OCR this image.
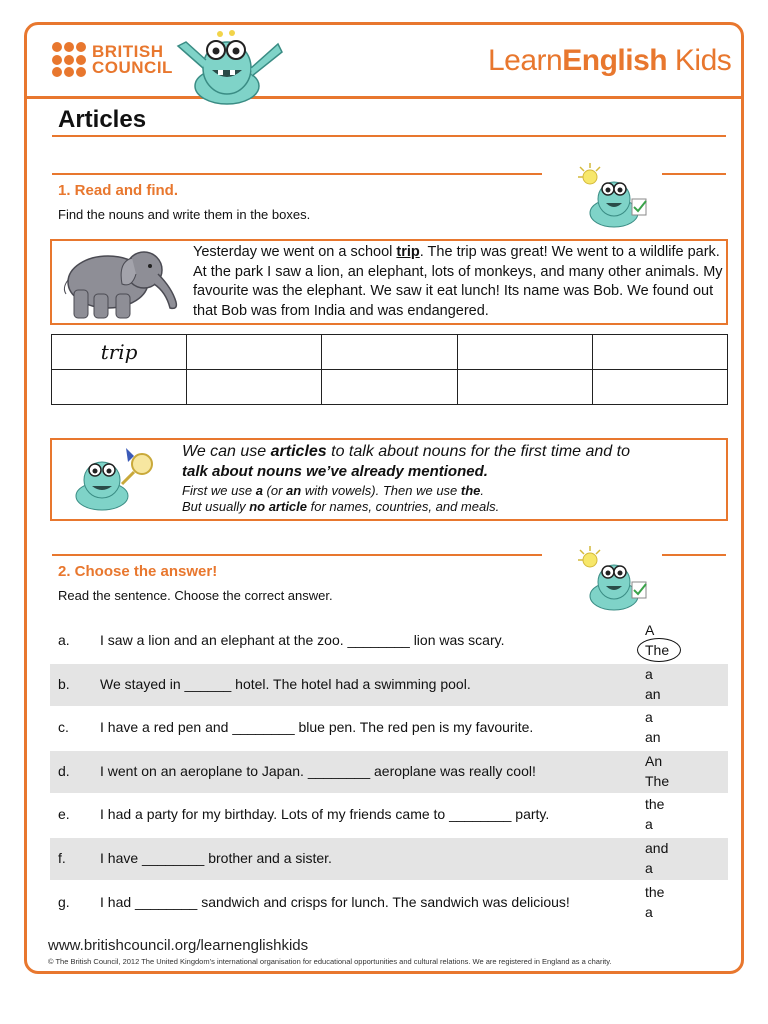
BRITISH
COUNCIL	LearnEnglish Kids
Articles
1. Read and find.
Find the nouns and write them in the boxes.
Yesterday we went on a school trip. The trip was great! We went to a wildlife park. At the park I saw a lion, an elephant, lots of monkeys, and many other animals. My favourite was the elephant. We saw it eat lunch! Its name was Bob. We found out that Bob was from India and was endangered.
trip				

We can use articles to talk about nouns for the first time and to
talk about nouns we’ve already mentioned.
First we use a (or an with vowels). Then we use the.
But usually no article for names, countries, and meals.
2. Choose the answer!
Read the sentence. Choose the correct answer.
a. I saw a lion and an elephant at the zoo. ________ lion was scary.
A
The
b. We stayed in ______ hotel. The hotel had a swimming pool.
a
an
c. I have a red pen and ________ blue pen. The red pen is my favourite.
a
an
d. I went on an aeroplane to Japan. ________ aeroplane was really cool!
An
The
e. I had a party for my birthday. Lots of my friends came to ________ party.
the
a
f. I have ________ brother and a sister.
and
a
g. I had ________ sandwich and crisps for lunch. The sandwich was delicious!
the
a
www.britishcouncil.org/learnenglishkids
© The British Council, 2012 The United Kingdom’s international organisation for educational opportunities and cultural relations. We are registered in England as a charity.
